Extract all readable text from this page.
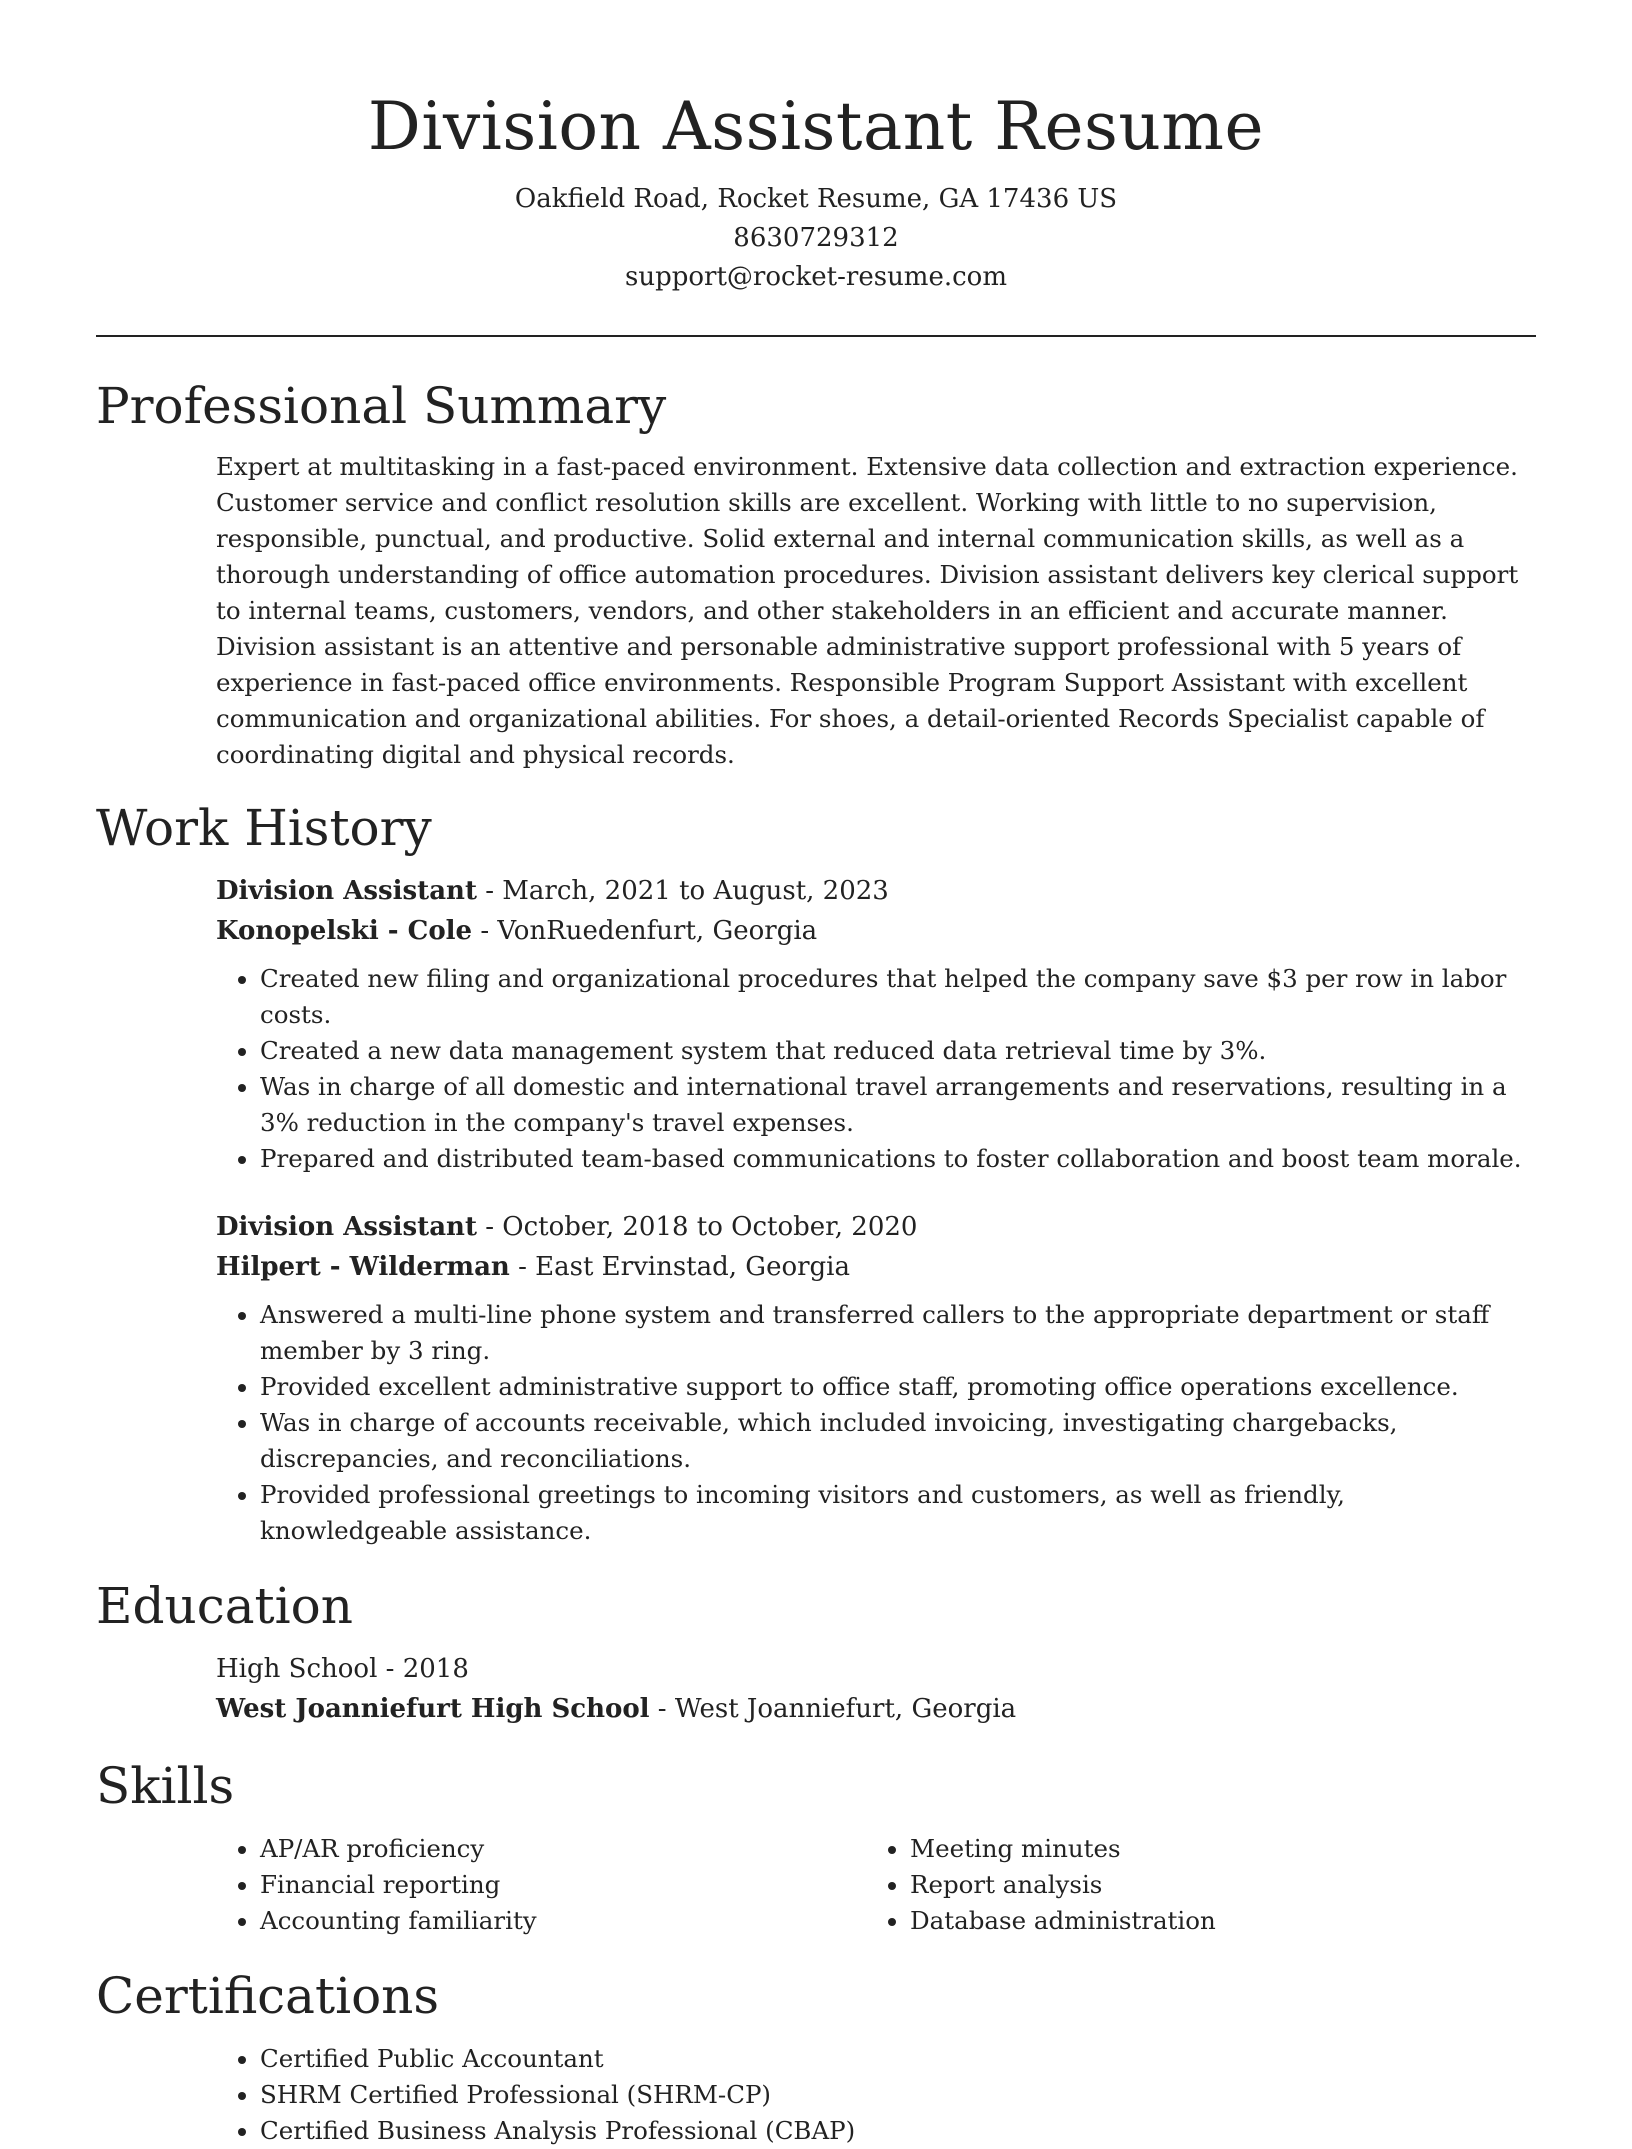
Division Assistant Resume
Oakfield Road, Rocket Resume, GA 17436 US
8630729312
support@rocket-resume.com
Professional Summary

Expert at multitasking in a fast-paced environment. Extensive data collection and extraction experience. Customer service and conflict resolution skills are excellent. Working with little to no supervision, responsible, punctual, and productive. Solid external and internal communication skills, as well as a thorough understanding of office automation procedures. Division assistant delivers key clerical support to internal teams, customers, vendors, and other stakeholders in an efficient and accurate manner. Division assistant is an attentive and personable administrative support professional with 5 years of experience in fast-paced office environments. Responsible Program Support Assistant with excellent communication and organizational abilities. For shoes, a detail-oriented Records Specialist capable of coordinating digital and physical records.

Work History
Division Assistant - March, 2021 to August, 2023
Konopelski - Cole - VonRuedenfurt, Georgia
• Created new filing and organizational procedures that helped the company save $3 per row in labor costs.
• Created a new data management system that reduced data retrieval time by 3%.
• Was in charge of all domestic and international travel arrangements and reservations, resulting in a 3% reduction in the company's travel expenses.
• Prepared and distributed team-based communications to foster collaboration and boost team morale.
Division Assistant - October, 2018 to October, 2020
Hilpert - Wilderman - East Ervinstad, Georgia
• Answered a multi-line phone system and transferred callers to the appropriate department or staff member by 3 ring.
• Provided excellent administrative support to office staff, promoting office operations excellence.
• Was in charge of accounts receivable, which included invoicing, investigating chargebacks, discrepancies, and reconciliations.
• Provided professional greetings to incoming visitors and customers, as well as friendly, knowledgeable assistance.
Education
High School - 2018
West Joanniefurt High School - West Joanniefurt, Georgia
Skills
• AP/AR proficiency
• Financial reporting
• Accounting familiarity
• Meeting minutes
• Report analysis
• Database administration
Certifications
• Certified Public Accountant
• SHRM Certified Professional (SHRM-CP)
• Certified Business Analysis Professional (CBAP)
